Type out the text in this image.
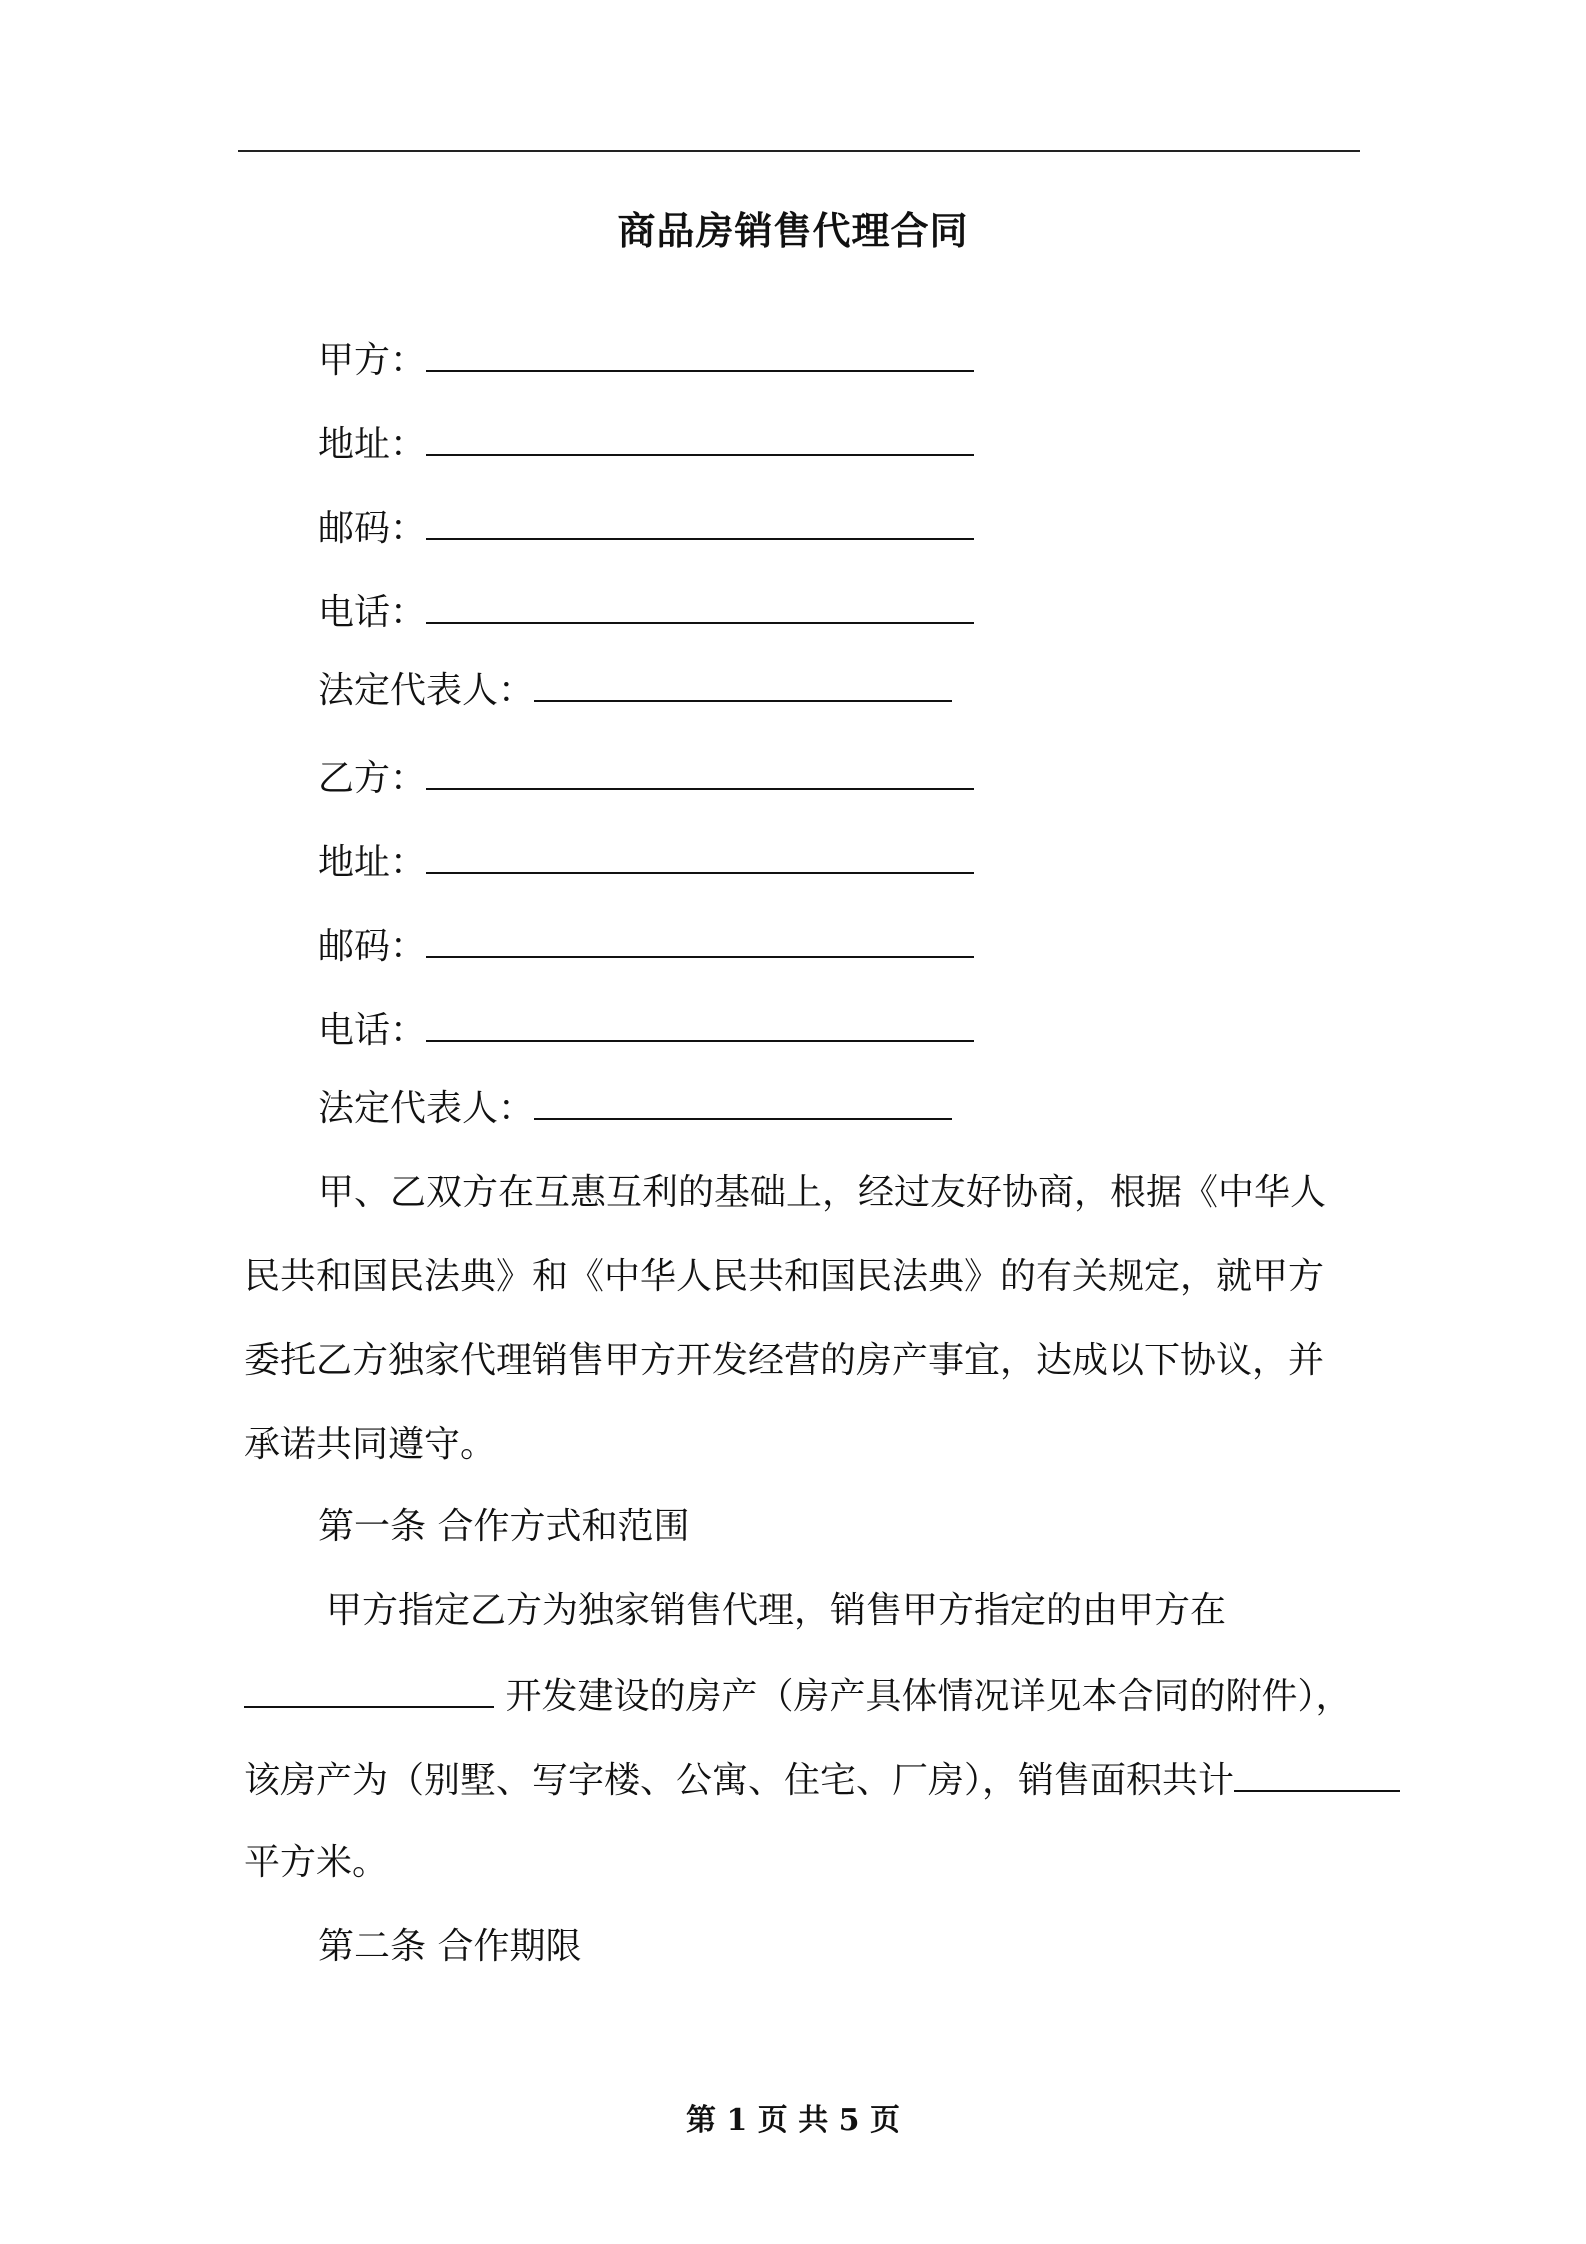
商品房销售代理合同
甲方：
地址：
邮码：
电话：
法定代表人：
乙方：
地址：
邮码：
电话：
法定代表人：
甲、乙双方在互惠互利的基础上，经过友好协商，根据《中华人
民共和国民法典》和《中华人民共和国民法典》的有关规定，就甲方
委托乙方独家代理销售甲方开发经营的房产事宜，达成以下协议，并
承诺共同遵守。
第一条 合作方式和范围
甲方指定乙方为独家销售代理，销售甲方指定的由甲方在
开发建设的房产（房产具体情况详见本合同的附件），
该房产为（别墅、写字楼、公寓、住宅、厂房），销售面积共计
平方米。
第二条 合作期限
第 1 页 共 5 页
